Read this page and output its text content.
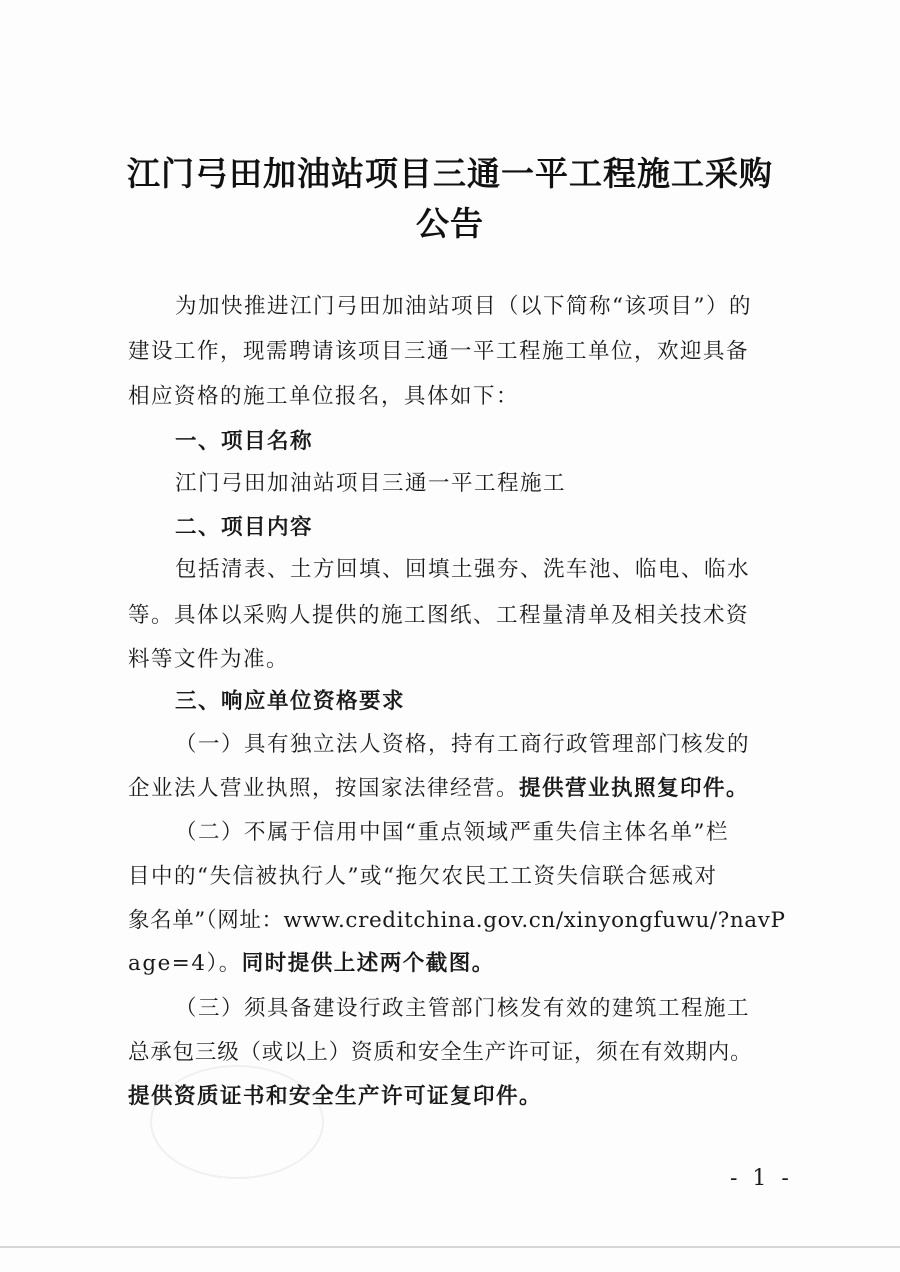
江门弓田加油站项目三通一平工程施工采购
公告
为加快推进江门弓田加油站项目（以下简称“该项目”）的
建设工作，现需聘请该项目三通一平工程施工单位，欢迎具备
相应资格的施工单位报名，具体如下：
一、项目名称
江门弓田加油站项目三通一平工程施工
二、项目内容
包括清表、土方回填、回填土强夯、洗车池、临电、临水
等。具体以采购人提供的施工图纸、工程量清单及相关技术资
料等文件为准。
三、响应单位资格要求
（一）具有独立法人资格，持有工商行政管理部门核发的
企业法人营业执照，按国家法律经营。提供营业执照复印件。
（二）不属于信用中国“重点领域严重失信主体名单”栏
目中的“失信被执行人”或“拖欠农民工工资失信联合惩戒对
象名单”（网址：www.creditchina.gov.cn/xinyongfuwu/?navP
age=4）。同时提供上述两个截图。
（三）须具备建设行政主管部门核发有效的建筑工程施工
总承包三级（或以上）资质和安全生产许可证，须在有效期内。
提供资质证书和安全生产许可证复印件。
- 1 -
